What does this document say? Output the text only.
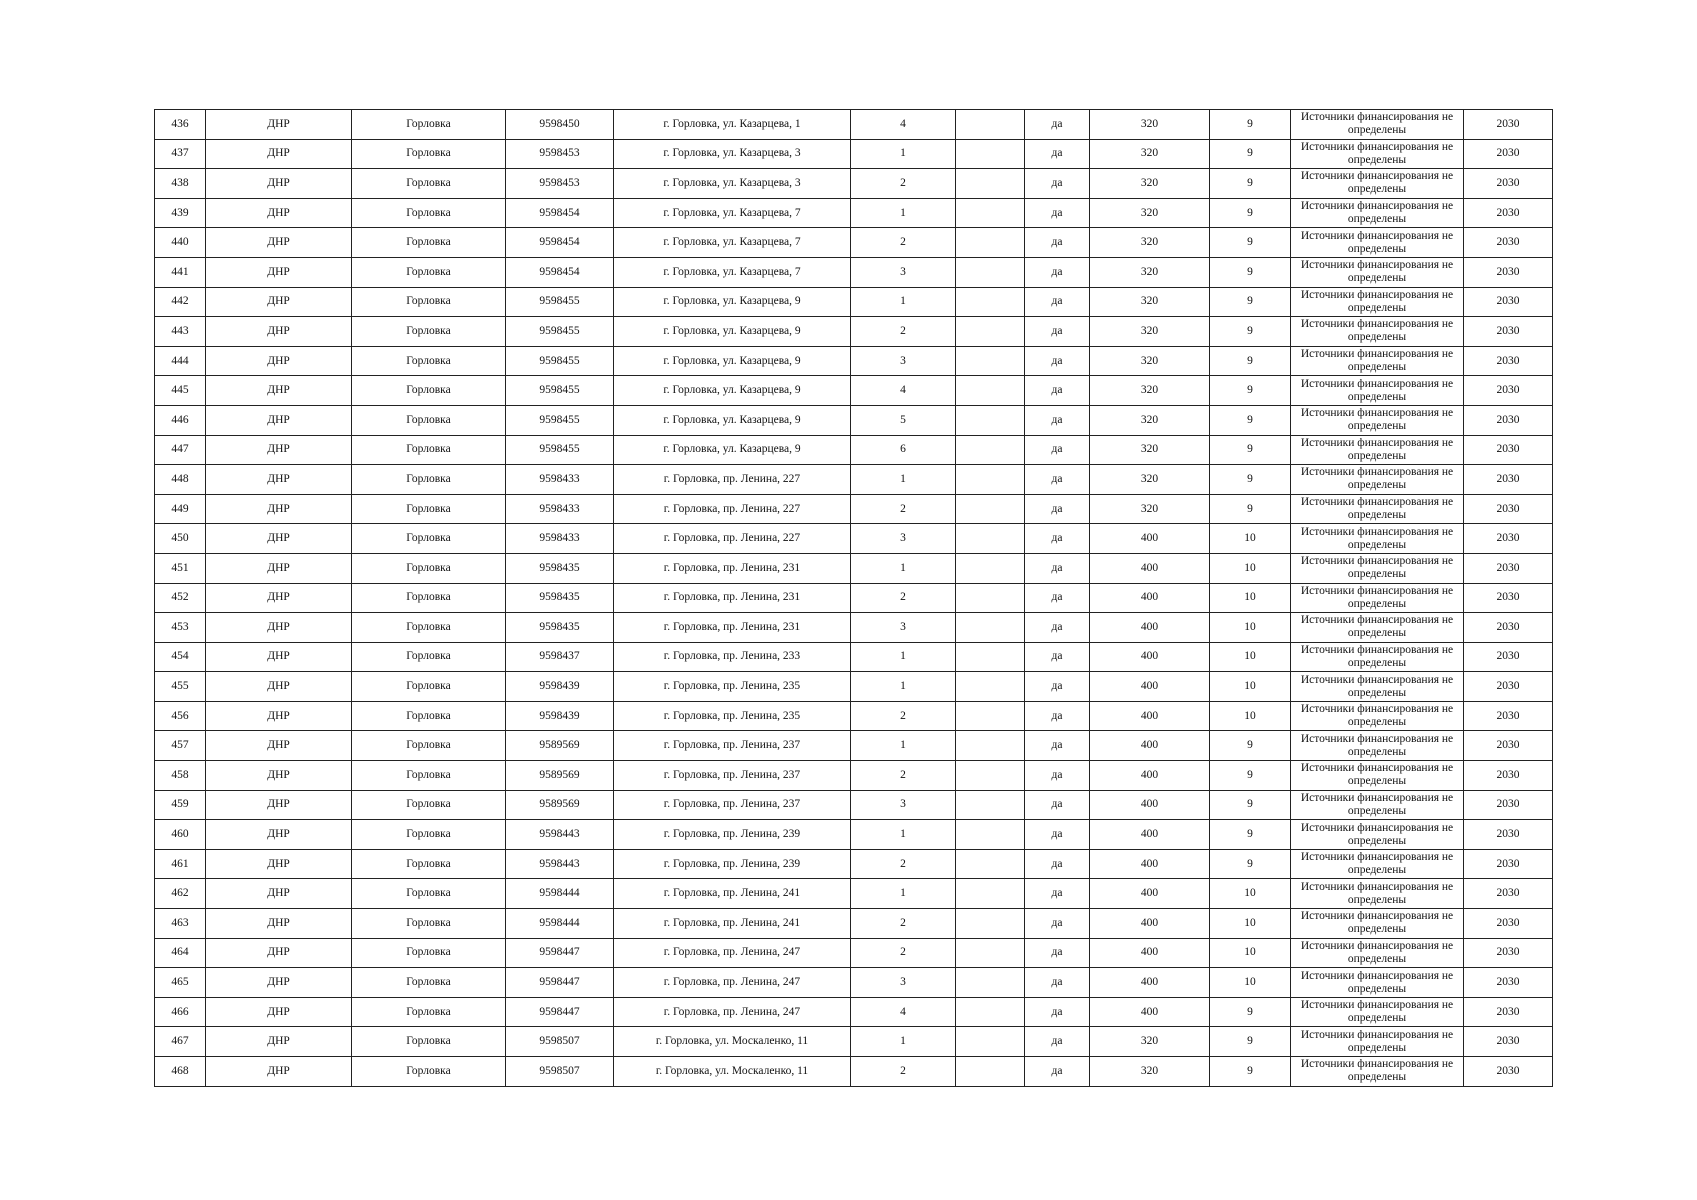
436	ДНР	Горловка	9598450	г. Горловка, ул. Казарцева, 1	4		да	320	9	Источники финансирования не определены	2030
437	ДНР	Горловка	9598453	г. Горловка, ул. Казарцева, 3	1		да	320	9	Источники финансирования не определены	2030
438	ДНР	Горловка	9598453	г. Горловка, ул. Казарцева, 3	2		да	320	9	Источники финансирования не определены	2030
439	ДНР	Горловка	9598454	г. Горловка, ул. Казарцева, 7	1		да	320	9	Источники финансирования не определены	2030
440	ДНР	Горловка	9598454	г. Горловка, ул. Казарцева, 7	2		да	320	9	Источники финансирования не определены	2030
441	ДНР	Горловка	9598454	г. Горловка, ул. Казарцева, 7	3		да	320	9	Источники финансирования не определены	2030
442	ДНР	Горловка	9598455	г. Горловка, ул. Казарцева, 9	1		да	320	9	Источники финансирования не определены	2030
443	ДНР	Горловка	9598455	г. Горловка, ул. Казарцева, 9	2		да	320	9	Источники финансирования не определены	2030
444	ДНР	Горловка	9598455	г. Горловка, ул. Казарцева, 9	3		да	320	9	Источники финансирования не определены	2030
445	ДНР	Горловка	9598455	г. Горловка, ул. Казарцева, 9	4		да	320	9	Источники финансирования не определены	2030
446	ДНР	Горловка	9598455	г. Горловка, ул. Казарцева, 9	5		да	320	9	Источники финансирования не определены	2030
447	ДНР	Горловка	9598455	г. Горловка, ул. Казарцева, 9	6		да	320	9	Источники финансирования не определены	2030
448	ДНР	Горловка	9598433	г. Горловка, пр. Ленина, 227	1		да	320	9	Источники финансирования не определены	2030
449	ДНР	Горловка	9598433	г. Горловка, пр. Ленина, 227	2		да	320	9	Источники финансирования не определены	2030
450	ДНР	Горловка	9598433	г. Горловка, пр. Ленина, 227	3		да	400	10	Источники финансирования не определены	2030
451	ДНР	Горловка	9598435	г. Горловка, пр. Ленина, 231	1		да	400	10	Источники финансирования не определены	2030
452	ДНР	Горловка	9598435	г. Горловка, пр. Ленина, 231	2		да	400	10	Источники финансирования не определены	2030
453	ДНР	Горловка	9598435	г. Горловка, пр. Ленина, 231	3		да	400	10	Источники финансирования не определены	2030
454	ДНР	Горловка	9598437	г. Горловка, пр. Ленина, 233	1		да	400	10	Источники финансирования не определены	2030
455	ДНР	Горловка	9598439	г. Горловка, пр. Ленина, 235	1		да	400	10	Источники финансирования не определены	2030
456	ДНР	Горловка	9598439	г. Горловка, пр. Ленина, 235	2		да	400	10	Источники финансирования не определены	2030
457	ДНР	Горловка	9589569	г. Горловка, пр. Ленина, 237	1		да	400	9	Источники финансирования не определены	2030
458	ДНР	Горловка	9589569	г. Горловка, пр. Ленина, 237	2		да	400	9	Источники финансирования не определены	2030
459	ДНР	Горловка	9589569	г. Горловка, пр. Ленина, 237	3		да	400	9	Источники финансирования не определены	2030
460	ДНР	Горловка	9598443	г. Горловка, пр. Ленина, 239	1		да	400	9	Источники финансирования не определены	2030
461	ДНР	Горловка	9598443	г. Горловка, пр. Ленина, 239	2		да	400	9	Источники финансирования не определены	2030
462	ДНР	Горловка	9598444	г. Горловка, пр. Ленина, 241	1		да	400	10	Источники финансирования не определены	2030
463	ДНР	Горловка	9598444	г. Горловка, пр. Ленина, 241	2		да	400	10	Источники финансирования не определены	2030
464	ДНР	Горловка	9598447	г. Горловка, пр. Ленина, 247	2		да	400	10	Источники финансирования не определены	2030
465	ДНР	Горловка	9598447	г. Горловка, пр. Ленина, 247	3		да	400	10	Источники финансирования не определены	2030
466	ДНР	Горловка	9598447	г. Горловка, пр. Ленина, 247	4		да	400	9	Источники финансирования не определены	2030
467	ДНР	Горловка	9598507	г. Горловка, ул. Москаленко, 11	1		да	320	9	Источники финансирования не определены	2030
468	ДНР	Горловка	9598507	г. Горловка, ул. Москаленко, 11	2		да	320	9	Источники финансирования не определены	2030
